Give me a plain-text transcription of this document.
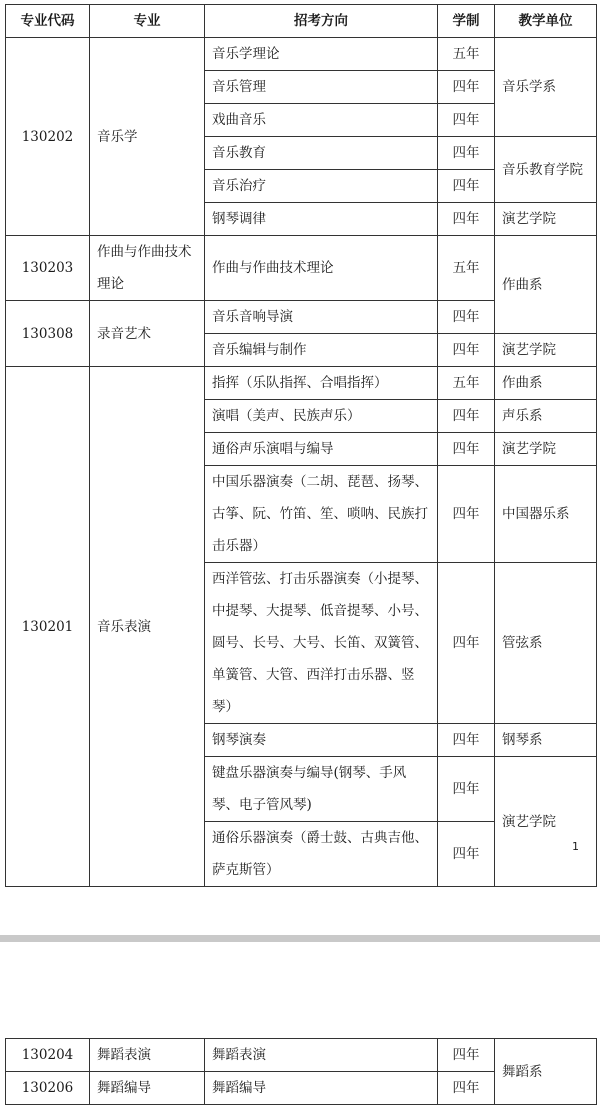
专业代码	专业	招考方向	学制	教学单位
130202	音乐学	音乐学理论	五年	音乐学系
		音乐管理	四年	
		戏曲音乐	四年	
		音乐教育	四年	音乐教育学院
		音乐治疗	四年	
		钢琴调律	四年	演艺学院
130203	作曲与作曲技术理论	作曲与作曲技术理论	五年	作曲系
130308	录音艺术	音乐音响导演	四年	
		音乐编辑与制作	四年	演艺学院
130201	音乐表演	指挥（乐队指挥、合唱指挥）	五年	作曲系
		演唱（美声、民族声乐）	四年	声乐系
		通俗声乐演唱与编导	四年	演艺学院
		中国乐器演奏（二胡、琵琶、扬琴、古筝、阮、竹笛、笙、唢呐、民族打击乐器）	四年	中国器乐系
		西洋管弦、打击乐器演奏（小提琴、中提琴、大提琴、低音提琴、小号、圆号、长号、大号、长笛、双簧管、单簧管、大管、西洋打击乐器、竖琴）	四年	管弦系
		钢琴演奏	四年	钢琴系
		键盘乐器演奏与编导(钢琴、手风琴、电子管风琴)	四年	演艺学院
		通俗乐器演奏（爵士鼓、古典吉他、萨克斯管）	四年		1
130204	舞蹈表演	舞蹈表演	四年	舞蹈系
130206	舞蹈编导	舞蹈编导	四年	
